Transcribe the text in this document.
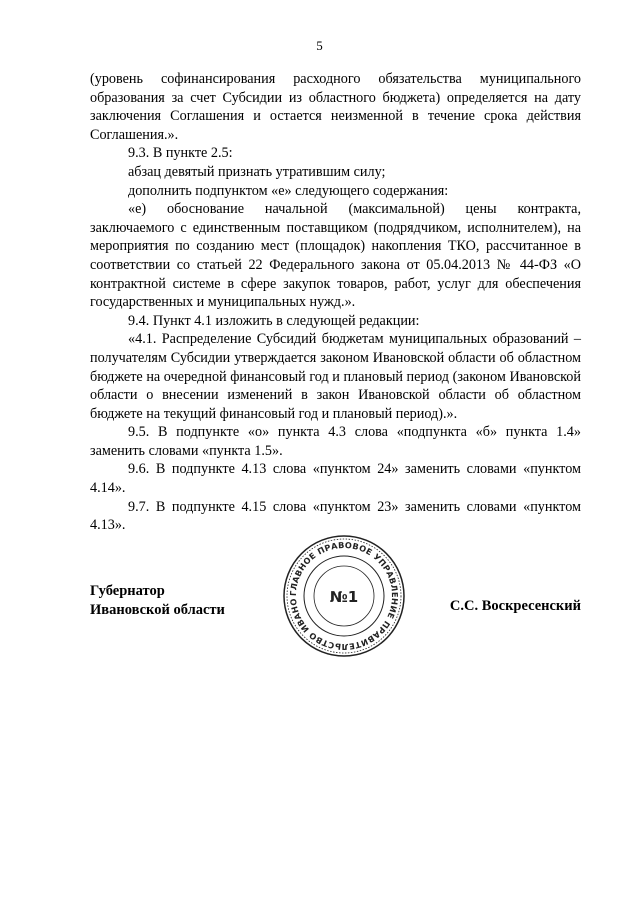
5

(уровень софинансирования расходного обязательства муниципального образования за счет Субсидии из областного бюджета) определяется на дату заключения Соглашения и остается неизменной в течение срока действия Соглашения.».

9.3. В пункте 2.5:

абзац девятый признать утратившим силу;

дополнить подпунктом «е» следующего содержания:

«е) обоснование начальной (максимальной) цены контракта, заключаемого с единственным поставщиком (подрядчиком, исполнителем), на мероприятия по созданию мест (площадок) накопления ТКО, рассчитанное в соответствии со статьей 22 Федерального закона от 05.04.2013 № 44-ФЗ «О контрактной системе в сфере закупок товаров, работ, услуг для обеспечения государственных и муниципальных нужд.».

9.4. Пункт 4.1 изложить в следующей редакции:

«4.1. Распределение Субсидий бюджетам муниципальных образований – получателям Субсидии утверждается законом Ивановской области об областном бюджете на очередной финансовый год и плановый период (законом Ивановской области о внесении изменений в закон Ивановской области об областном бюджете на текущий финансовый год и плановый период).».

9.5. В подпункте «о» пункта 4.3 слова «подпункта «б» пункта 1.4» заменить словами «пункта 1.5».

9.6. В подпункте 4.13 слова «пунктом 24» заменить словами «пунктом 4.14».

9.7. В подпункте 4.15 слова «пунктом 23» заменить словами «пунктом 4.13».

Губернатор
Ивановской области	С.С. Воскресенский
ГЛАВНОЕ ПРАВОВОЕ УПРАВЛЕНИЕ ПРАВИТЕЛЬСТВО ИВАНО	№1
